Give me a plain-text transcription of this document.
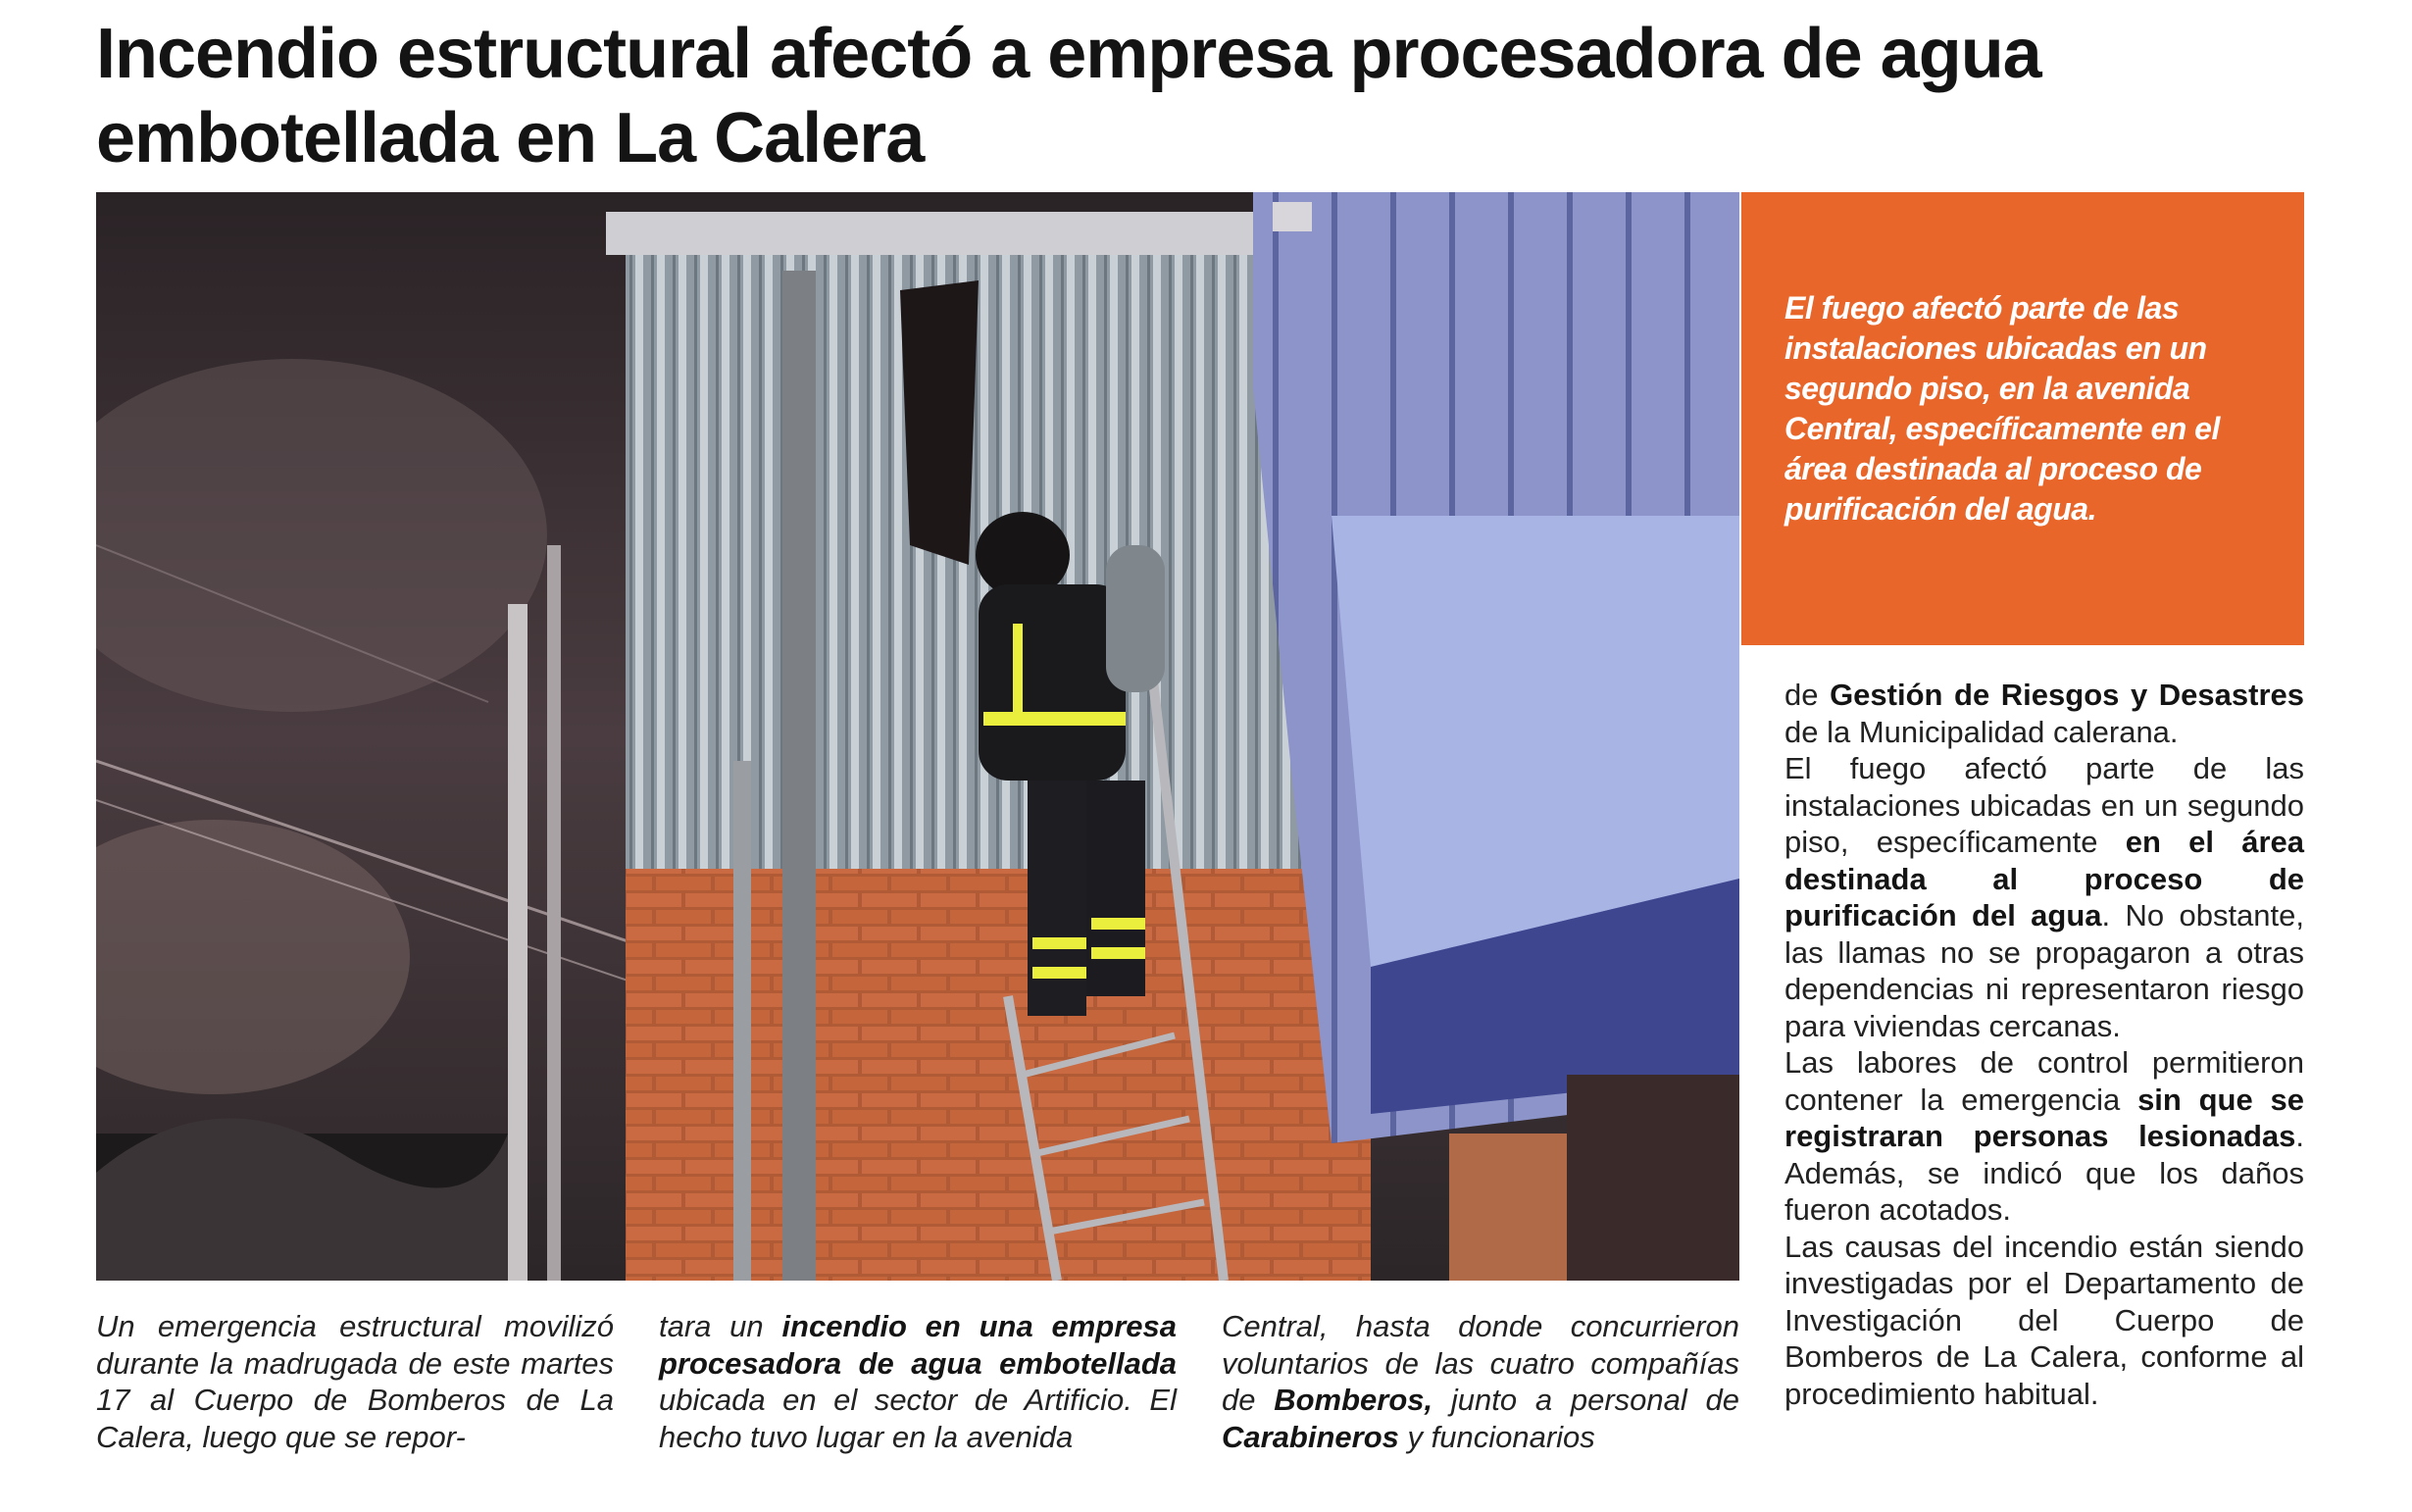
Incendio estructural afectó a empresa procesadora de agua embotellada en La Calera

El fuego afectó parte de las instalaciones ubicadas en un segundo piso, en la avenida Central, específicamente en el área destinada al proceso de purificación del agua.

Un emergencia estructural movilizó durante la madrugada de este martes 17 al Cuerpo de Bomberos de La Calera, luego que se repor-

tara un incendio en una empresa procesadora de agua embotellada ubicada en el sector de Artificio. El hecho tuvo lugar en la avenida

Central, hasta donde concurrieron voluntarios de las cuatro compañías de Bomberos, junto a personal de Carabineros y funcionarios

de Gestión de Riesgos y Desastres de la Municipalidad calerana.

El fuego afectó parte de las instalaciones ubicadas en un segundo piso, específicamente en el área destinada al proceso de purificación del agua. No obstante, las llamas no se propagaron a otras dependencias ni representaron riesgo para viviendas cercanas.

Las labores de control permitieron contener la emergencia sin que se registraran personas lesionadas. Además, se indicó que los daños fueron acotados.

Las causas del incendio están siendo investigadas por el Departamento de Investigación del Cuerpo de Bomberos de La Calera, conforme al procedimiento habitual.
